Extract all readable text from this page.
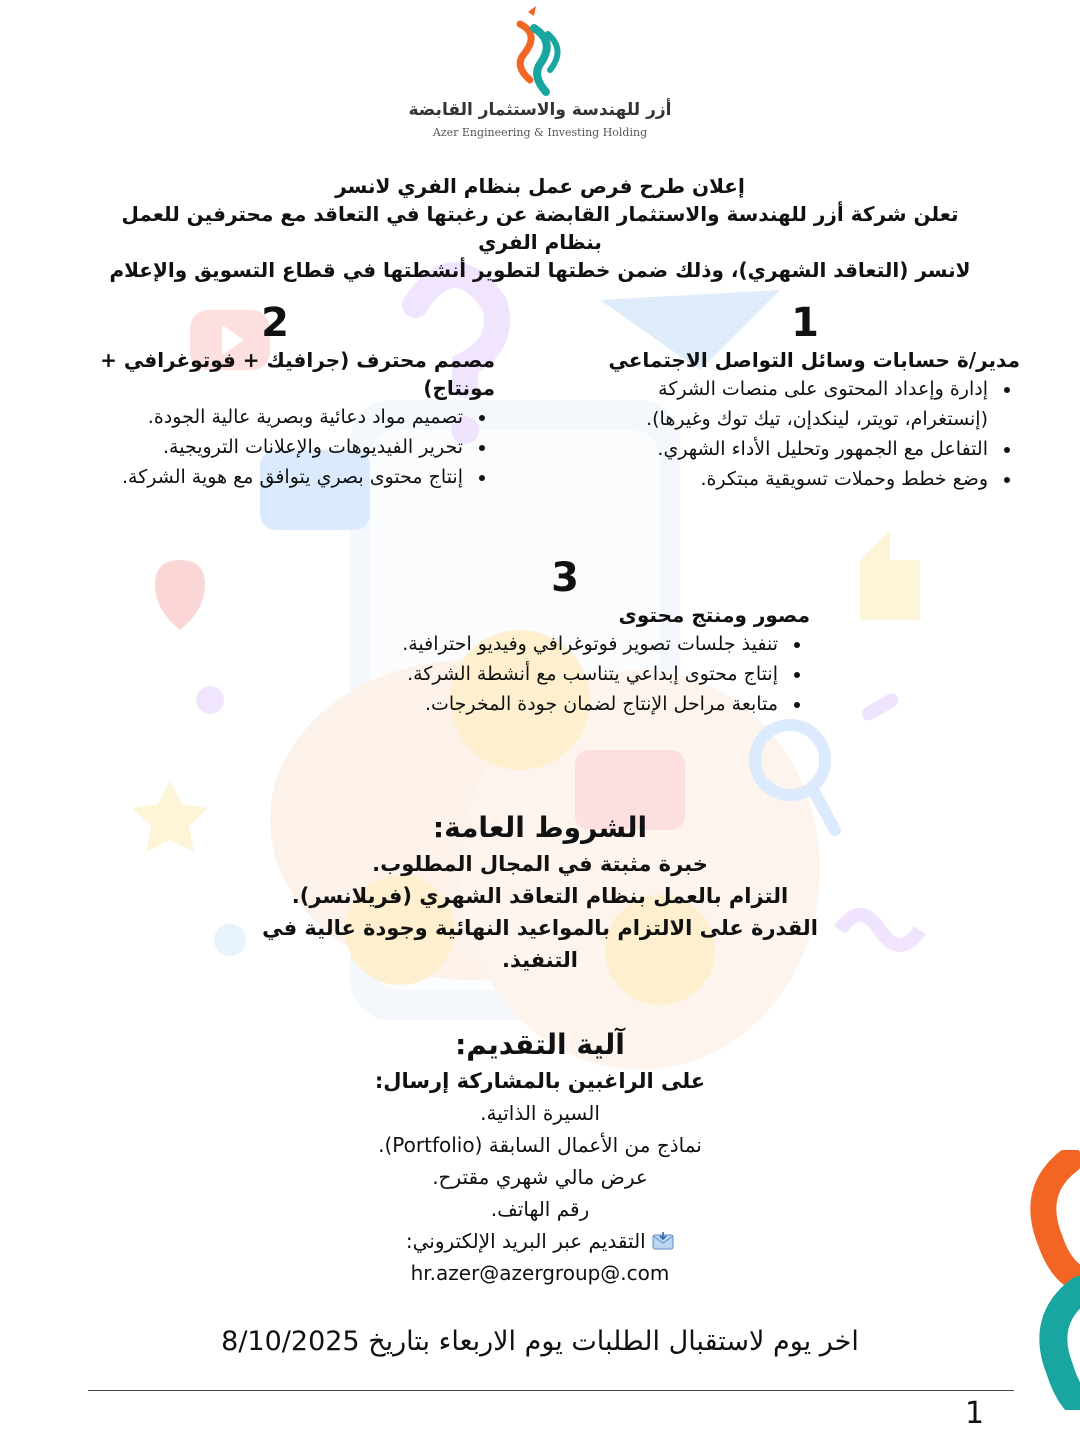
أزر للهندسة والاستثمار القابضة
Azer Engineering & Investing Holding
إعلان طرح فرص عمل بنظام الفري لانسر
تعلن شركة أزر للهندسة والاستثمار القابضة عن رغبتها في التعاقد مع محترفين للعمل بنظام الفري
لانسر (التعاقد الشهري)، وذلك ضمن خطتها لتطوير أنشطتها في قطاع التسويق والإعلام
1
مدير/ة حسابات وسائل التواصل الاجتماعي
• إدارة وإعداد المحتوى على منصات الشركة (إنستغرام، تويتر، لينكدإن، تيك توك وغيرها).
• التفاعل مع الجمهور وتحليل الأداء الشهري.
• وضع خطط وحملات تسويقية مبتكرة.
2
مصمم محترف (جرافيك + فوتوغرافي + مونتاج)
• تصميم مواد دعائية وبصرية عالية الجودة.
• تحرير الفيديوهات والإعلانات الترويجية.
• إنتاج محتوى بصري يتوافق مع هوية الشركة.
3
مصور ومنتج محتوى
• تنفيذ جلسات تصوير فوتوغرافي وفيديو احترافية.
• إنتاج محتوى إبداعي يتناسب مع أنشطة الشركة.
• متابعة مراحل الإنتاج لضمان جودة المخرجات.
الشروط العامة:
خبرة مثبتة في المجال المطلوب.
التزام بالعمل بنظام التعاقد الشهري (فريلانسر).
القدرة على الالتزام بالمواعيد النهائية وجودة عالية في التنفيذ.
آلية التقديم:
على الراغبين بالمشاركة إرسال:
السيرة الذاتية.
نماذج من الأعمال السابقة (Portfolio).
عرض مالي شهري مقترح.
رقم الهاتف.
التقديم عبر البريد الإلكتروني:
hr.azer@azergroup@.com
اخر يوم لاستقبال الطلبات يوم الاربعاء بتاريخ 8/10/2025
1
